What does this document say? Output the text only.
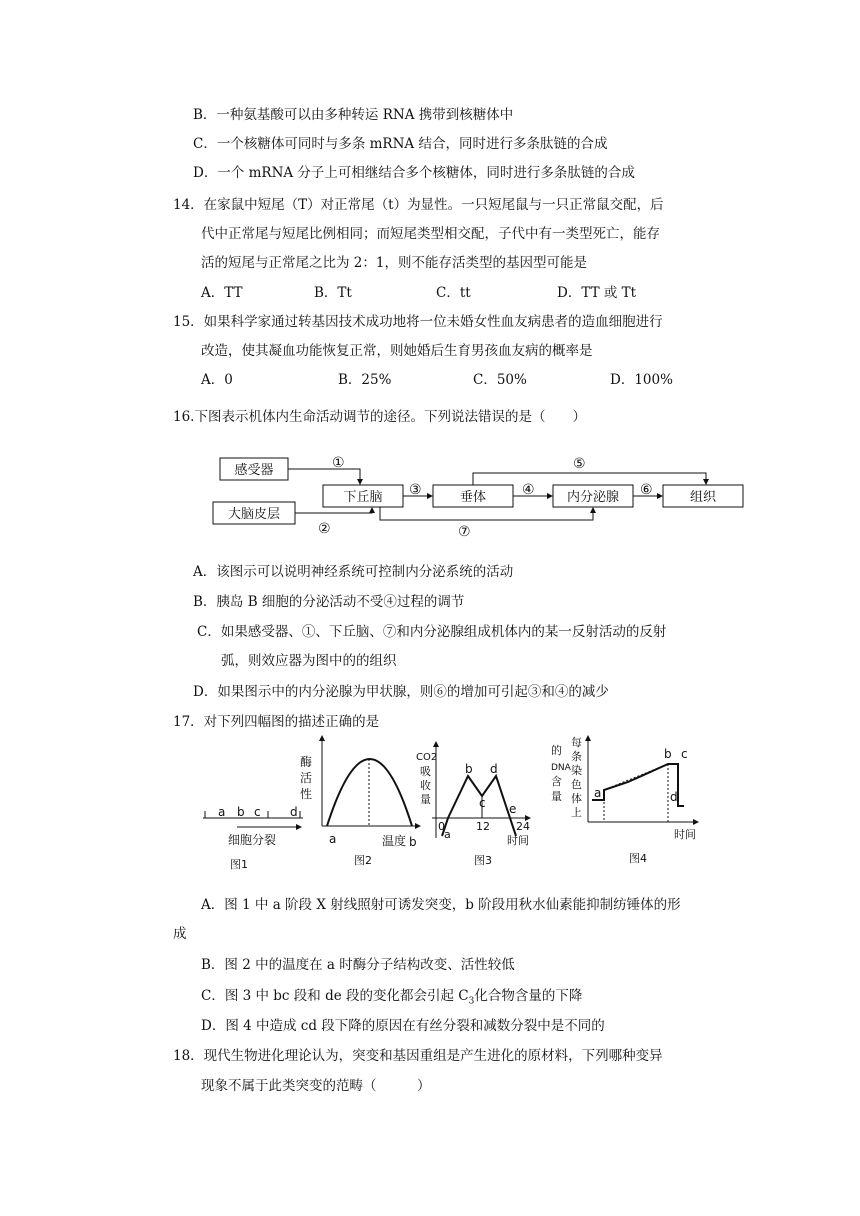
B．一种氨基酸可以由多种转运 RNA 携带到核糖体中
C．一个核糖体可同时与多条 mRNA 结合，同时进行多条肽链的合成
D．一个 mRNA 分子上可相继结合多个核糖体，同时进行多条肽链的合成
14．在家鼠中短尾（T）对正常尾（t）为显性。一只短尾鼠与一只正常鼠交配，后
代中正常尾与短尾比例相同；而短尾类型相交配，子代中有一类型死亡，能存
活的短尾与正常尾之比为 2：1，则不能存活类型的基因型可能是
A．TT	B．Tt	C．tt	D．TT 或 Tt
15．如果科学家通过转基因技术成功地将一位未婚女性血友病患者的造血细胞进行
改造，使其凝血功能恢复正常，则她婚后生育男孩血友病的概率是
A．0	B．25%	C．50%	D．100%
16.下图表示机体内生命活动调节的途径。下列说法错误的是（　　）
感受器
大脑皮层
下丘脑	垂体	内分泌腺	组织
①
②
③	④
⑤
⑥
⑦
A．该图示可以说明神经系统可控制内分泌系统的活动
B．胰岛 B 细胞的分泌活动不受④过程的调节
C．如果感受器、①、下丘脑、⑦和内分泌腺组成机体内的某一反射活动的反射
弧，则效应器为图中的的组织
D．如果图示中的内分泌腺为甲状腺，则⑥的增加可引起③和④的减少
17．对下列四幅图的描述正确的是
a b c d
细胞分裂
图1
酶
活
性
a	b
温度
图2
CO2
吸
收
量
0
a
b
c
d
e
12 24
时间
图3
的
DNA
含
量
每
条
染
色
体
上
a
b c
d
时间
图4
A．图 1 中 a 阶段 X 射线照射可诱发突变，b 阶段用秋水仙素能抑制纺锤体的形
成
B．图 2 中的温度在 a 时酶分子结构改变、活性较低
C．图 3 中 bc 段和 de 段的变化都会引起 $C_3$化合物含量的下降
D．图 4 中造成 cd 段下降的原因在有丝分裂和减数分裂中是不同的
18．现代生物进化理论认为，突变和基因重组是产生进化的原材料，下列哪种变异
现象不属于此类突变的范畴（　　　）
